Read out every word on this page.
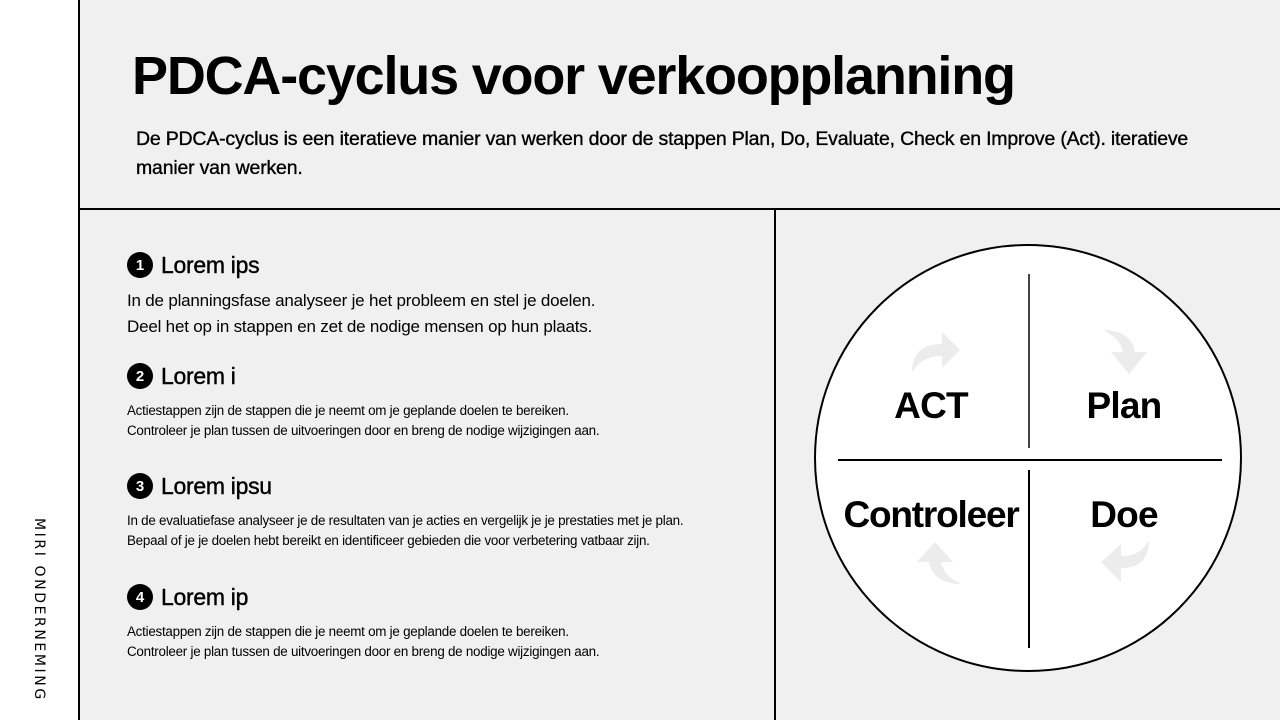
MIRI ONDERNEMING
PDCA-cyclus voor verkoopplanning

De PDCA-cyclus is een iteratieve manier van werken door de stappen Plan, Do, Evaluate, Check en Improve (Act). iteratieve manier van werken.

1 Lorem ips

In de planningsfase analyseer je het probleem en stel je doelen.
Deel het op in stappen en zet de nodige mensen op hun plaats.

2 Lorem i

Actiestappen zijn de stappen die je neemt om je geplande doelen te bereiken.
Controleer je plan tussen de uitvoeringen door en breng de nodige wijzigingen aan.

3 Lorem ipsu

In de evaluatiefase analyseer je de resultaten van je acties en vergelijk je je prestaties met je plan.
Bepaal of je je doelen hebt bereikt en identificeer gebieden die voor verbetering vatbaar zijn.

4 Lorem ip

Actiestappen zijn de stappen die je neemt om je geplande doelen te bereiken.
Controleer je plan tussen de uitvoeringen door en breng de nodige wijzigingen aan.

ACT	Plan
Controleer	Doe
